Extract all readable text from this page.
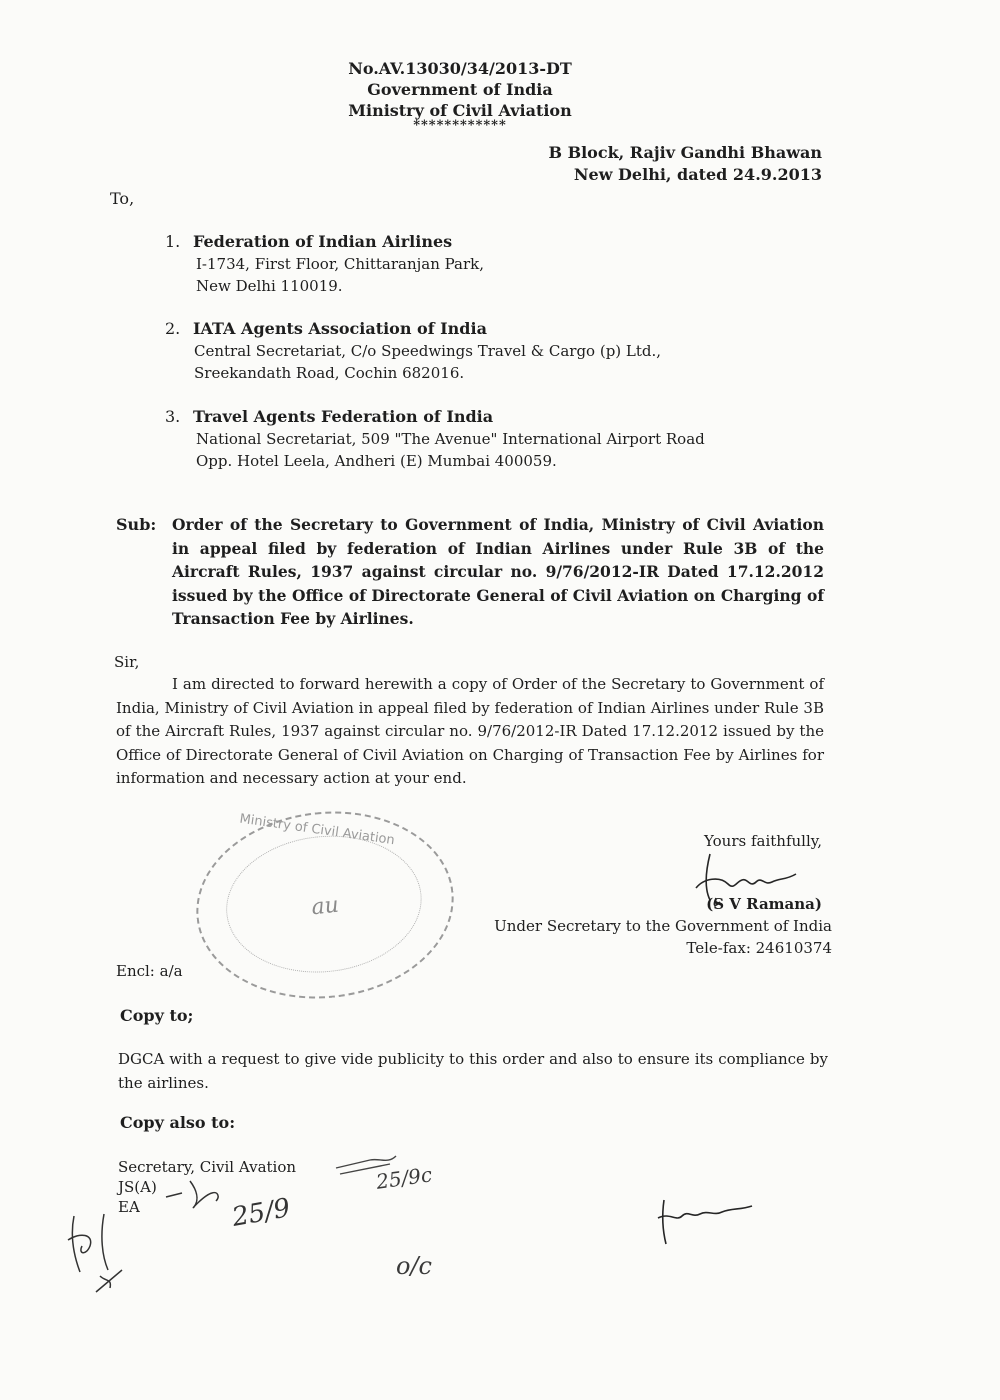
No.AV.13030/34/2013-DT
Government of India
Ministry of Civil Aviation
************
B Block, Rajiv Gandhi Bhawan
New Delhi, dated 24.9.2013
To,
1. Federation of Indian Airlines
I-1734, First Floor, Chittaranjan Park,
New Delhi 110019.
2. IATA Agents Association of India
Central Secretariat, C/o Speedwings Travel & Cargo (p) Ltd.,
Sreekandath Road, Cochin 682016.
3. Travel Agents Federation of India
National Secretariat, 509 "The Avenue" International Airport Road
Opp. Hotel Leela, Andheri (E) Mumbai 400059.
Sub: Order of the Secretary to Government of India, Ministry of Civil Aviation in appeal filed by federation of Indian Airlines under Rule 3B of the Aircraft Rules, 1937 against circular no. 9/76/2012-IR Dated 17.12.2012 issued by the Office of Directorate General of Civil Aviation on Charging of Transaction Fee by Airlines.
Sir,
I am directed to forward herewith a copy of Order of the Secretary to Government of India, Ministry of Civil Aviation in appeal filed by federation of Indian Airlines under Rule 3B of the Aircraft Rules, 1937 against circular no. 9/76/2012-IR Dated 17.12.2012 issued by the Office of Directorate General of Civil Aviation on Charging of Transaction Fee by Airlines for information and necessary action at your end.
Ministry of Civil Aviation
au
Yours faithfully,
(S V Ramana)
Under Secretary to the Government of India
Tele-fax: 24610374
Encl: a/a
Copy to;
DGCA with a request to give vide publicity to this order and also to ensure its compliance by the airlines.
Copy also to:
Secretary, Civil Avation
JS(A)
EA	25/9
25/9c
o/c
